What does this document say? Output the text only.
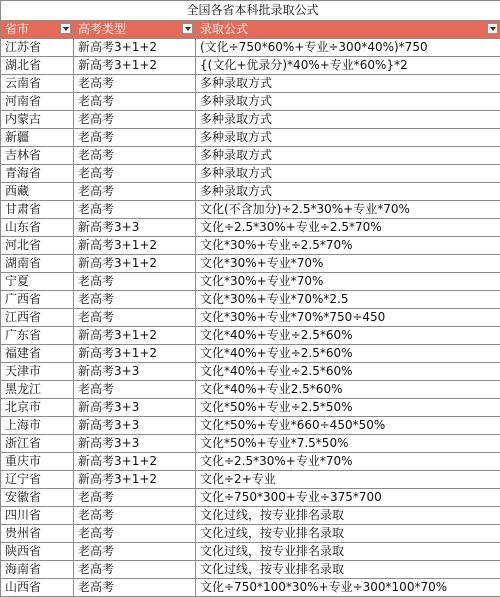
全国各省本科批录取公式		
省市	高考类型	录取公式

江苏省	新高考3+1+2	(文化÷750*60%+专业÷300*40%)*750
湖北省	新高考3+1+2	{(文化+优录分)*40%+专业*60%}*2
云南省	老高考	多种录取方式
河南省	老高考	多种录取方式
内蒙古	老高考	多种录取方式
新疆	老高考	多种录取方式
吉林省	老高考	多种录取方式
青海省	老高考	多种录取方式
西藏	老高考	多种录取方式
甘肃省	老高考	文化(不含加分)÷2.5*30%+专业*70%
山东省	新高考3+3	文化÷2.5*30%+专业÷2.5*70%
河北省	新高考3+1+2	文化*30%+专业÷2.5*70%
湖南省	新高考3+1+2	文化*30%+专业*70%
宁夏	老高考	文化*30%+专业*70%
广西省	老高考	文化*30%+专业*70%*2.5
江西省	老高考	文化*30%+专业*70%*750÷450
广东省	新高考3+1+2	文化*40%+专业÷2.5*60%
福建省	新高考3+1+2	文化*40%+专业÷2.5*60%
天津市	新高考3+3	文化*40%+专业÷2.5*60%
黑龙江	老高考	文化*40%+专业2.5*60%
北京市	新高考3+3	文化*50%+专业÷2.5*50%
上海市	新高考3+3	文化*50%+专业*660÷450*50%
浙江省	新高考3+3	文化*50%+专业*7.5*50%
重庆市	新高考3+1+2	文化÷2.5*30%+专业*70%
辽宁省	新高考3+1+2	文化÷2+专业
安徽省	老高考	文化÷750*300+专业÷375*700
四川省	老高考	文化过线，按专业排名录取
贵州省	老高考	文化过线，按专业排名录取
陕西省	老高考	文化过线，按专业排名录取
海南省	老高考	文化过线，按专业排名录取
山西省	老高考	文化÷750*100*30%+专业÷300*100*70%
